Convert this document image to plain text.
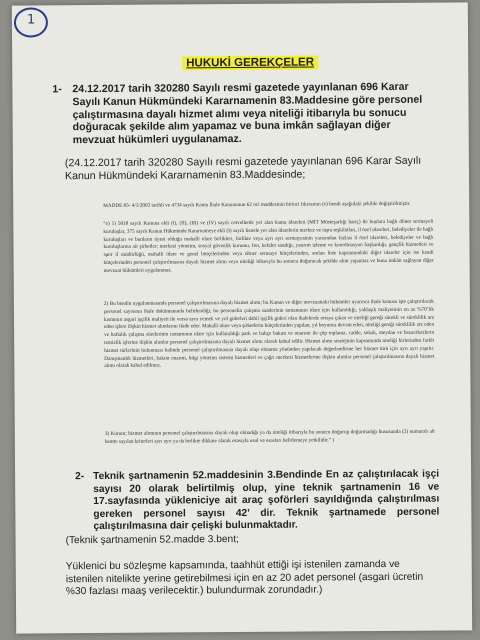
1
HUKUKİ GEREKÇELER
1- 24.12.2017 tarih 320280 Sayılı resmi gazetede yayınlanan 696 Karar Sayılı Kanun Hükmündeki Kararnamenin 83.Maddesine göre personel çalıştırmasına dayalı hizmet alımı veya niteliği itibarıyla bu sonucu doğuracak şekilde alım yapamaz ve buna imkân sağlayan diğer mevzuat hükümleri uygulanamaz.
(24.12.2017 tarih 320280 Sayılı resmi gazetede yayınlanan 696 Karar Sayılı Kanun Hükmündeki Kararnamenin 83.Maddesinde;
MADDE 83- 4/1/2002 tarihli ve 4734 sayılı Kamu İhale Kanununun 62 nci maddesinin birinci fıkrasının (e) bendi aşağıdaki şekilde değiştirilmiştir.
“e) 1) 5018 sayılı Kanuna ekli (I), (II), (III) ve (IV) sayılı cetvellerde yer alan kamu idareleri (MİT Müsteşarlığı hariç) ile bunlara bağlı döner sermayeli kuruluşlar, 375 sayılı Kanun Hükmünde Kararnameye ekli (I) sayılı listede yer alan idarelerin merkez ve taşra teşkilatları, il özel idareleri, belediyeler ile bağlı kuruluşları ve bunların üyesi olduğu mahalli idare birlikleri, birlikte veya ayrı ayrı sermayesinin yarısından fazlası il özel idareleri, belediyeler ve bağlı kuruluşlarına ait şirketler; merkezi yönetim, sosyal güvenlik kurumu, fon, kefalet sandığı, yatırım izleme ve koordinasyon başkanlığı, gençlik hizmetleri ve spor il müdürlüğü, mahalli idare ve genel bütçelerinden veya döner sermaye bütçelerinden, anılan liste kapsamındaki diğer idareler için ise kendi bütçelerinden personel çalıştırılmasına dayalı hizmet alımı veya niteliği itibarıyla bu sonucu doğuracak şekilde alım yapamaz ve buna imkân sağlayan diğer mevzuat hükümleri uygulanmaz.
2) Bu bendin uygulanmasında personel çalıştırılmasına dayalı hizmet alımı; bu Kanun ve diğer mevzuattaki hükümler uyarınca ihale konusu işte çalıştırılacak personel sayısının ihale dokümanında belirlendiği, bu personelin çalışma saatlerinin tamamının idare için kullanıldığı, yaklaşık maliyetinin en az %70’lik kısmının asgari işçilik maliyeti ile varsa aynı yemek ve yol giderleri dahil işçilik gideri olan ihalelerde ortaya çıkan ve niteliği gereği sürekli ve süreklilik arz eden işlere ilişkin hizmet alımlarını ifade eder. Mahalli idare veya şirketlerin bütçelerinden yapılan, yıl boyunca devam eden, niteliği gereği süreklilik arz eden ve haftalık çalışma sürelerinin tamamının idare için kullanıldığı park ve bahçe bakım ve onarımı ile çöp toplama, cadde, sokak, meydan ve bezaerkezlerin temizlik işlerine ilişkin alımlar personel çalıştırılmasına dayalı hizmet alımı olarak kabul edilir. Hizmet alımı stratejinin kapsamında niteliği birlerinden farklı hizmet türlerinin bulunması halinde personel çalıştırılmasına dayalı olup olmama yönünden yapılacak değerlendirme her hizmet türü için ayrı ayrı yapılır. Danışmanlık hizmetleri, bakım onarım, bilgi yönetim sistemi hizmetleri ve çağrı merkezi hizmetlerine ilişkin alımlar personel çalıştırılmasına dayalı hizmet alımı olarak kabul edilmez.
3) Kurum; hizmet alımının personel çalıştırılmasına dayalı olup olmadığı ya da niteliği itibarıyla bu sonucu doğurup doğurmadığı hususunda (2) numaralı alt bentte sayılan kriterleri ayrı ayrı ya da birlikte dikkate alarak esasıyla usul ve esasları belirlemeye yetkilidir.” )
2- Teknik şartnamenin 52.maddesinin 3.Bendinde En az çalıştırılacak işçi sayısı 20 olarak belirtilmiş olup, yine teknik şartnamenin 16 ve 17.sayfasında yükleniciye ait araç şoförleri sayıldığında çalıştırılması gereken personel sayısı 42’ dir. Teknik şartnamede personel çalıştırılmasına dair çelişki bulunmaktadır.
(Teknik şartnamenin 52.madde 3.bent;
Yüklenici bu sözleşme kapsamında, taahhüt ettiği işi istenilen zamanda ve istenilen nitelikte yerine getirebilmesi için en az 20 adet personel (asgari ücretin %30 fazlası maaş verilecektir.) bulundurmak zorundadır.)
